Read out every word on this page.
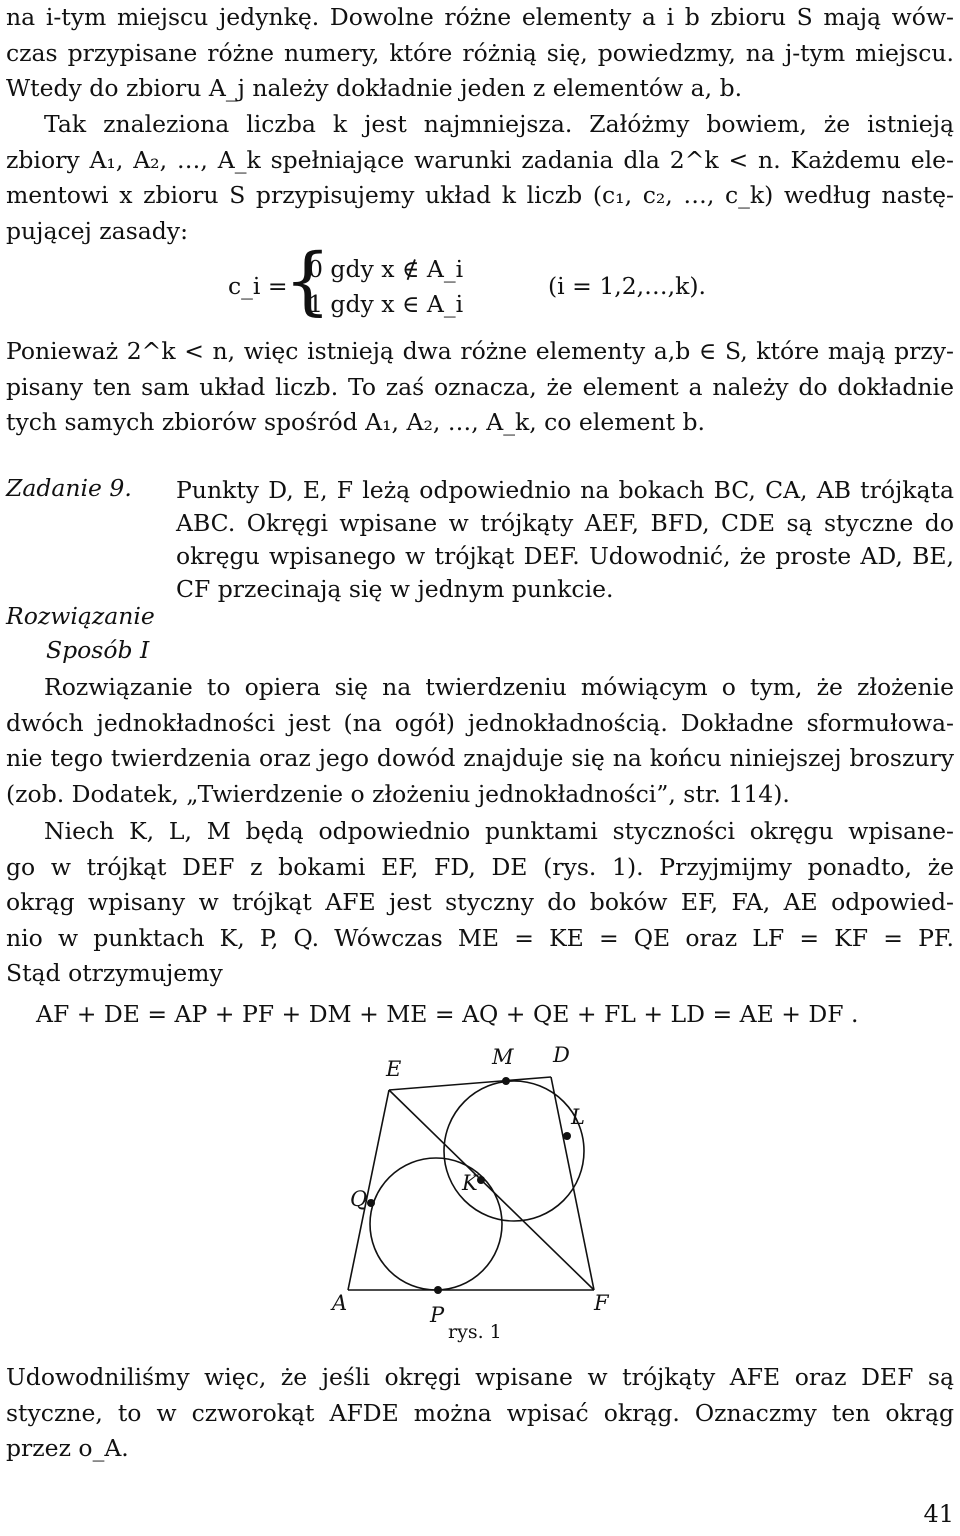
na i-tym miejscu jedynkę. Dowolne różne elementy a i b zbioru S mają wów-
czas przypisane różne numery, które różnią się, powiedzmy, na j-tym miejscu.
Wtedy do zbioru A_j należy dokładnie jeden z elementów a, b.
Tak znaleziona liczba k jest najmniejsza. Załóżmy bowiem, że istnieją
zbiory A₁, A₂, …, A_k spełniające warunki zadania dla 2^k < n. Każdemu ele-
mentowi x zbioru S przypisujemy układ k liczb (c₁, c₂, …, c_k) według nastę-
pującej zasady:
c_i =
{
0 gdy x ∉ A_i
1 gdy x ∈ A_i
(i = 1,2,…,k).
Ponieważ 2^k < n, więc istnieją dwa różne elementy a,b ∈ S, które mają przy-
pisany ten sam układ liczb. To zaś oznacza, że element a należy do dokładnie
tych samych zbiorów spośród A₁, A₂, …, A_k, co element b.
Zadanie 9. Punkty D, E, F leżą odpowiednio na bokach BC, CA, AB trójkąta
ABC. Okręgi wpisane w trójkąty AEF, BFD, CDE są styczne do
okręgu wpisanego w trójkąt DEF. Udowodnić, że proste AD, BE,
CF przecinają się w jednym punkcie.
Rozwiązanie
Sposób I
Rozwiązanie to opiera się na twierdzeniu mówiącym o tym, że złożenie
dwóch jednokładności jest (na ogół) jednokładnością. Dokładne sformułowa-
nie tego twierdzenia oraz jego dowód znajduje się na końcu niniejszej broszury
(zob. Dodatek, „Twierdzenie o złożeniu jednokładności”, str. 114).
Niech K, L, M będą odpowiednio punktami styczności okręgu wpisane-
go w trójkąt DEF z bokami EF, FD, DE (rys. 1). Przyjmijmy ponadto, że
okrąg wpisany w trójkąt AFE jest styczny do boków EF, FA, AE odpowied-
nio w punktach K, P, Q. Wówczas ME = KE = QE oraz LF = KF = PF.
Stąd otrzymujemy
AF + DE = AP + PF + DM + ME = AQ + QE + FL + LD = AE + DF .
E	M D
L
Q
K
A	P	F
rys. 1
Udowodniliśmy więc, że jeśli okręgi wpisane w trójkąty AFE oraz DEF są
styczne, to w czworokąt AFDE można wpisać okrąg. Oznaczmy ten okrąg
przez o_A.
41
